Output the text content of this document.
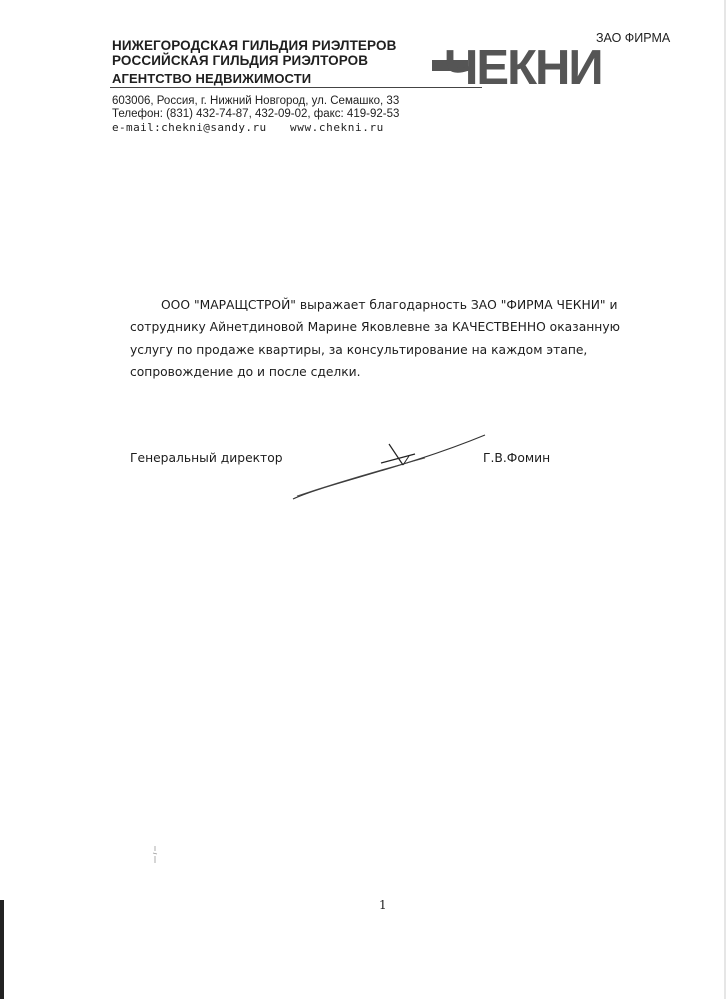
НИЖЕГОРОДСКАЯ ГИЛЬДИЯ РИЭЛТЕРОВ
РОССИЙСКАЯ ГИЛЬДИЯ РИЭЛТОРОВ
АГЕНТСТВО НЕДВИЖИМОСТИ
603006, Россия, г. Нижний Новгород, ул. Семашко, 33
Телефон: (831) 432-74-87, 432-09-02, факс: 419-92-53
e-mail:chekni@sandy.ru www.chekni.ru
ЗАО ФИРМА
ЧЕКНИ

ООО "МАРАЩСТРОЙ" выражает благодарность ЗАО "ФИРМА ЧЕКНИ" и

сотруднику Айнетдиновой Марине Яковлевне за КАЧЕСТВЕННО оказанную

услугу по продаже квартиры, за консультирование на каждом этапе,

сопровождение до и после сделки.

Генеральный директор	Г.В.Фомин
1
